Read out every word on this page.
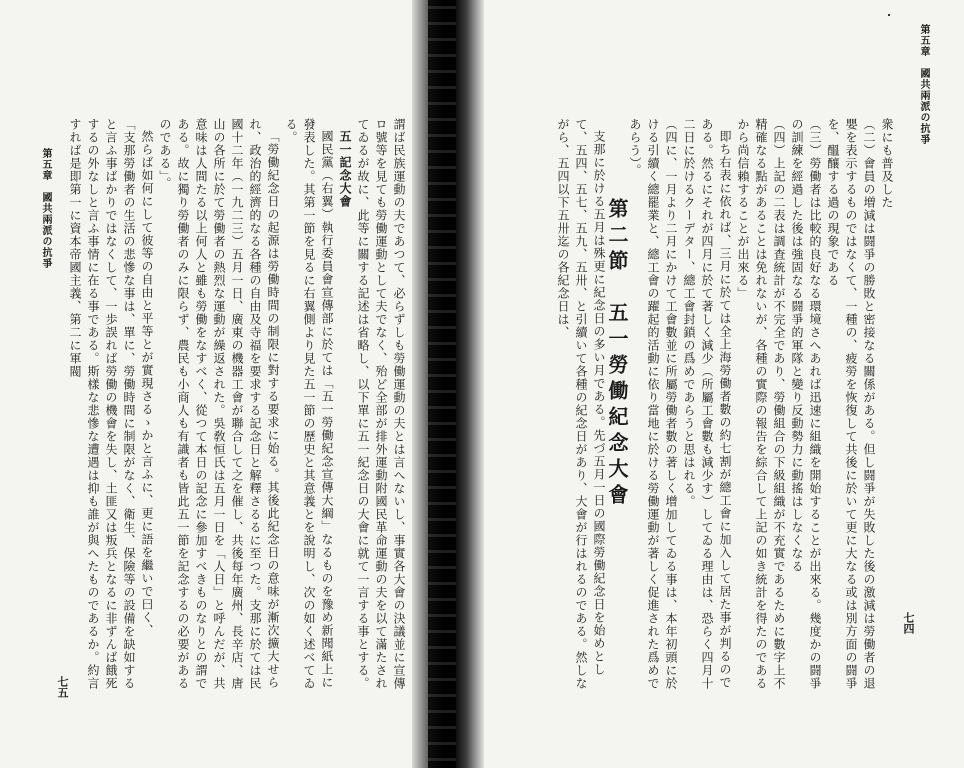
第五章　國共兩派の抗爭
七四

衆にも普及した

（二）會員の増減は闘爭の勝敗と密接なる關係がある。但し闘爭が失敗した後の激減は勞働者の退嬰を表示するものではなくて、一種の、疲勞を恢復して共後に於いて更に大なる或は別方面の闘爭を、醞釀する過の現象である

（三）勞働者は比較的良好なる環境さへあれば迅速に組織を開始することが出來る。幾度かの闘爭の訓練を經過した後は強固なる闘爭的軍隊と變り反動勢力に動搖はしなくなる

（四）上記の二表は調査統計が不完全であり、勞働組合の下級組織が不充實であるために數字上不精確なる點があることは免れないが、各種の實際の報告を綜合して上記の如き統計を得たのであるから尚信賴することが出來る」

即ち右表に依れば、三月に於ては全上海勞働者數の約七割が總工會に加入して居た事が判るのである。然るにそれが四月に於て著しく減少（所屬工會數も減少す）してゐる理由は、恐らく四月十二日に於けるクーデター、總工會封鎖の爲めであらうと思はれる。

（四に、一月より二月にかけて工會數並に所屬勞働者數の著しく增加してゐる事は、本年初頭に於ける引續く總罷業と、總工會の躍起的活動に依り當地に於ける勞働運動が著しく促進された爲めであらう）。

第二節　五一勞働紀念大會

支那に於ける五月は殊更に紀念日の多い月である。先づ五月一日の國際勞働紀念日を始めとして、五四、五七、五九、五卅、と引續いて各種の紀念日があり、大會が行はれるのである。然しながら、五四以下五卅迄の各紀念日は、

第五章　國共兩派の抗爭
七五	謂ば民族運動の夫であつて、必らずしも勞働運動の夫とは言へないし、事實各大會の決議並に宣傳ロ號等を見ても勞働運動として夫でなく、殆ど全部が排外運動附國民革命運動の夫を以て滿たされてゐるが故に、此等に關する記述は省略し、以下單に五一紀念日の大會に就て一言する事とする。

五一記念大會

國民黨（右翼）執行委員會宣傳部に於ては「五一勞働紀念宣傳大綱」なるものを豫め新聞紙上に發表した。其第一節を見るに右翼側より見た五一節の歷史と其意義とを說明し、次の如く述べてゐる。

「勞働紀念日の起源は勞働時間の制限に對する要求に始る。其後此紀念日の意味が漸次擴大せられ、政治的經濟的なる各種の自由及寺福を要求する記念日と解釋さるるに至つた。支那に於ては民國十二年（一九二三）五月一日、廣東の機器工會が聯合して之を催し、共後每年廣州、長辛店、唐山の各所に於て勞働者の熱烈な運動が繰返された。吳敎恒氏は五月一日を「人日」と呼んだが、共意味は人間たる以上何人と雖も勞働をなすべく、從つて本日の記念に參加すべきものなりとの謂である。故に獨り勞働者のみに限らず、農民も小商人も有識者も皆此五一節を記念するの必要があるのである」。

然らば如何にして彼等の自由と平等とが實現さるゝかと言ふに、更に語を繼いで曰く、

「支那勞働者の生活の悲慘な事は、單に、勞働時間に制限がなく、衛生、保險等の設備を缺如すると言ふ事ばかりではなくして、一歩誤れば勞働の機會を失し、土匪又は叛兵となるに非ずんば餓死するの外なしと言ふ事情に在る事である。斯樣な悲慘な遭遇は抑も誰が與へたものであるか。約言すれば是即第一に資本帝國主義、第二に軍閥
